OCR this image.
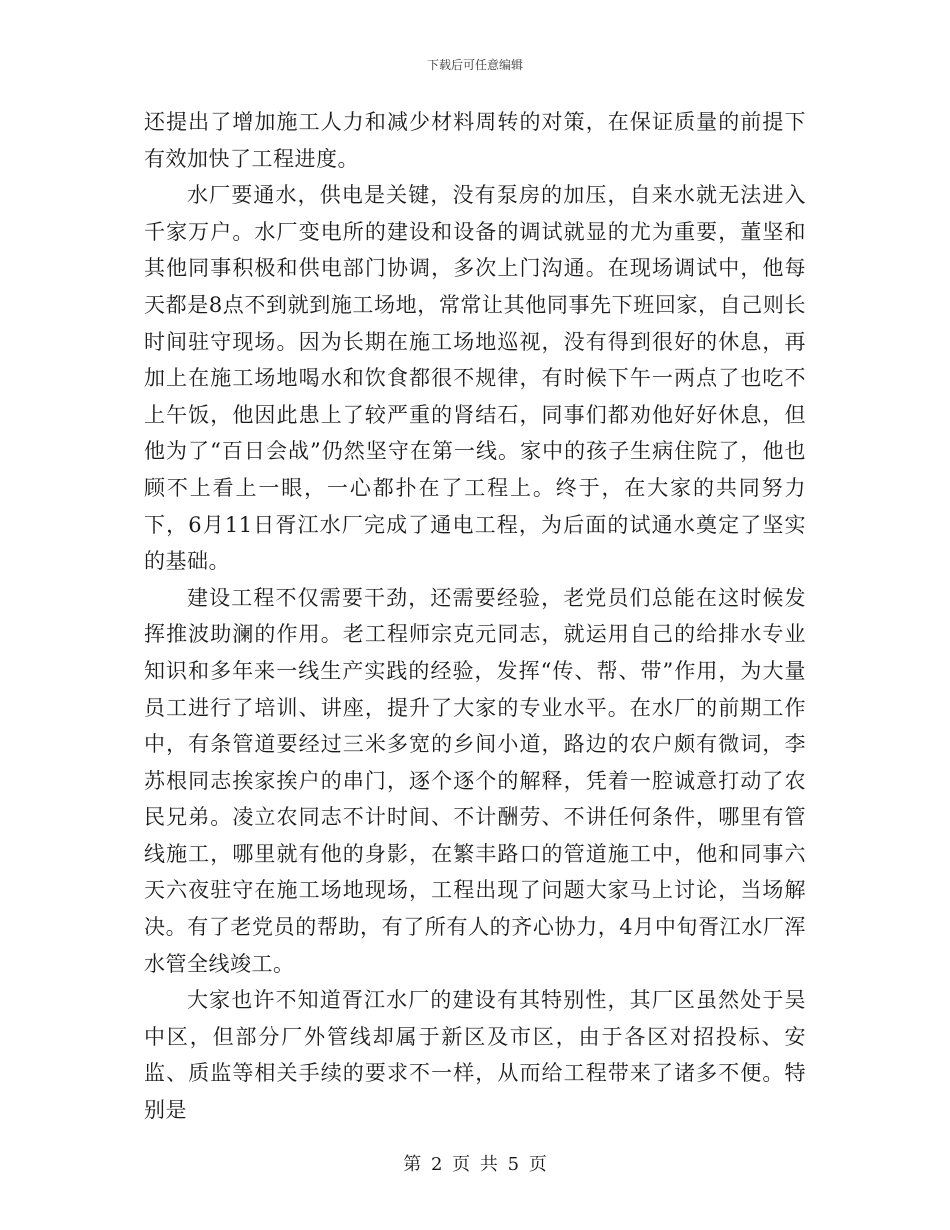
下载后可任意编辑

还提出了增加施工人力和减少材料周转的对策，在保证质量的前提下有效加快了工程进度。

水厂要通水，供电是关键，没有泵房的加压，自来水就无法进入千家万户。水厂变电所的建设和设备的调试就显的尤为重要，董坚和其他同事积极和供电部门协调，多次上门沟通。在现场调试中，他每天都是8点不到就到施工场地，常常让其他同事先下班回家，自己则长时间驻守现场。因为长期在施工场地巡视，没有得到很好的休息，再加上在施工场地喝水和饮食都很不规律，有时候下午一两点了也吃不上午饭，他因此患上了较严重的肾结石，同事们都劝他好好休息，但他为了“百日会战”仍然坚守在第一线。家中的孩子生病住院了，他也顾不上看上一眼，一心都扑在了工程上。终于，在大家的共同努力下，6月11日胥江水厂完成了通电工程，为后面的试通水奠定了坚实的基础。

建设工程不仅需要干劲，还需要经验，老党员们总能在这时候发挥推波助澜的作用。老工程师宗克元同志，就运用自己的给排水专业知识和多年来一线生产实践的经验，发挥“传、帮、带”作用，为大量员工进行了培训、讲座，提升了大家的专业水平。在水厂的前期工作中，有条管道要经过三米多宽的乡间小道，路边的农户颇有微词，李苏根同志挨家挨户的串门，逐个逐个的解释，凭着一腔诚意打动了农民兄弟。凌立农同志不计时间、不计酬劳、不讲任何条件，哪里有管线施工，哪里就有他的身影，在繁丰路口的管道施工中，他和同事六天六夜驻守在施工场地现场，工程出现了问题大家马上讨论，当场解决。有了老党员的帮助，有了所有人的齐心协力，4月中旬胥江水厂浑水管全线竣工。

大家也许不知道胥江水厂的建设有其特别性，其厂区虽然处于吴中区，但部分厂外管线却属于新区及市区，由于各区对招投标、安监、质监等相关手续的要求不一样，从而给工程带来了诸多不便。特别是

第 2 页 共 5 页
